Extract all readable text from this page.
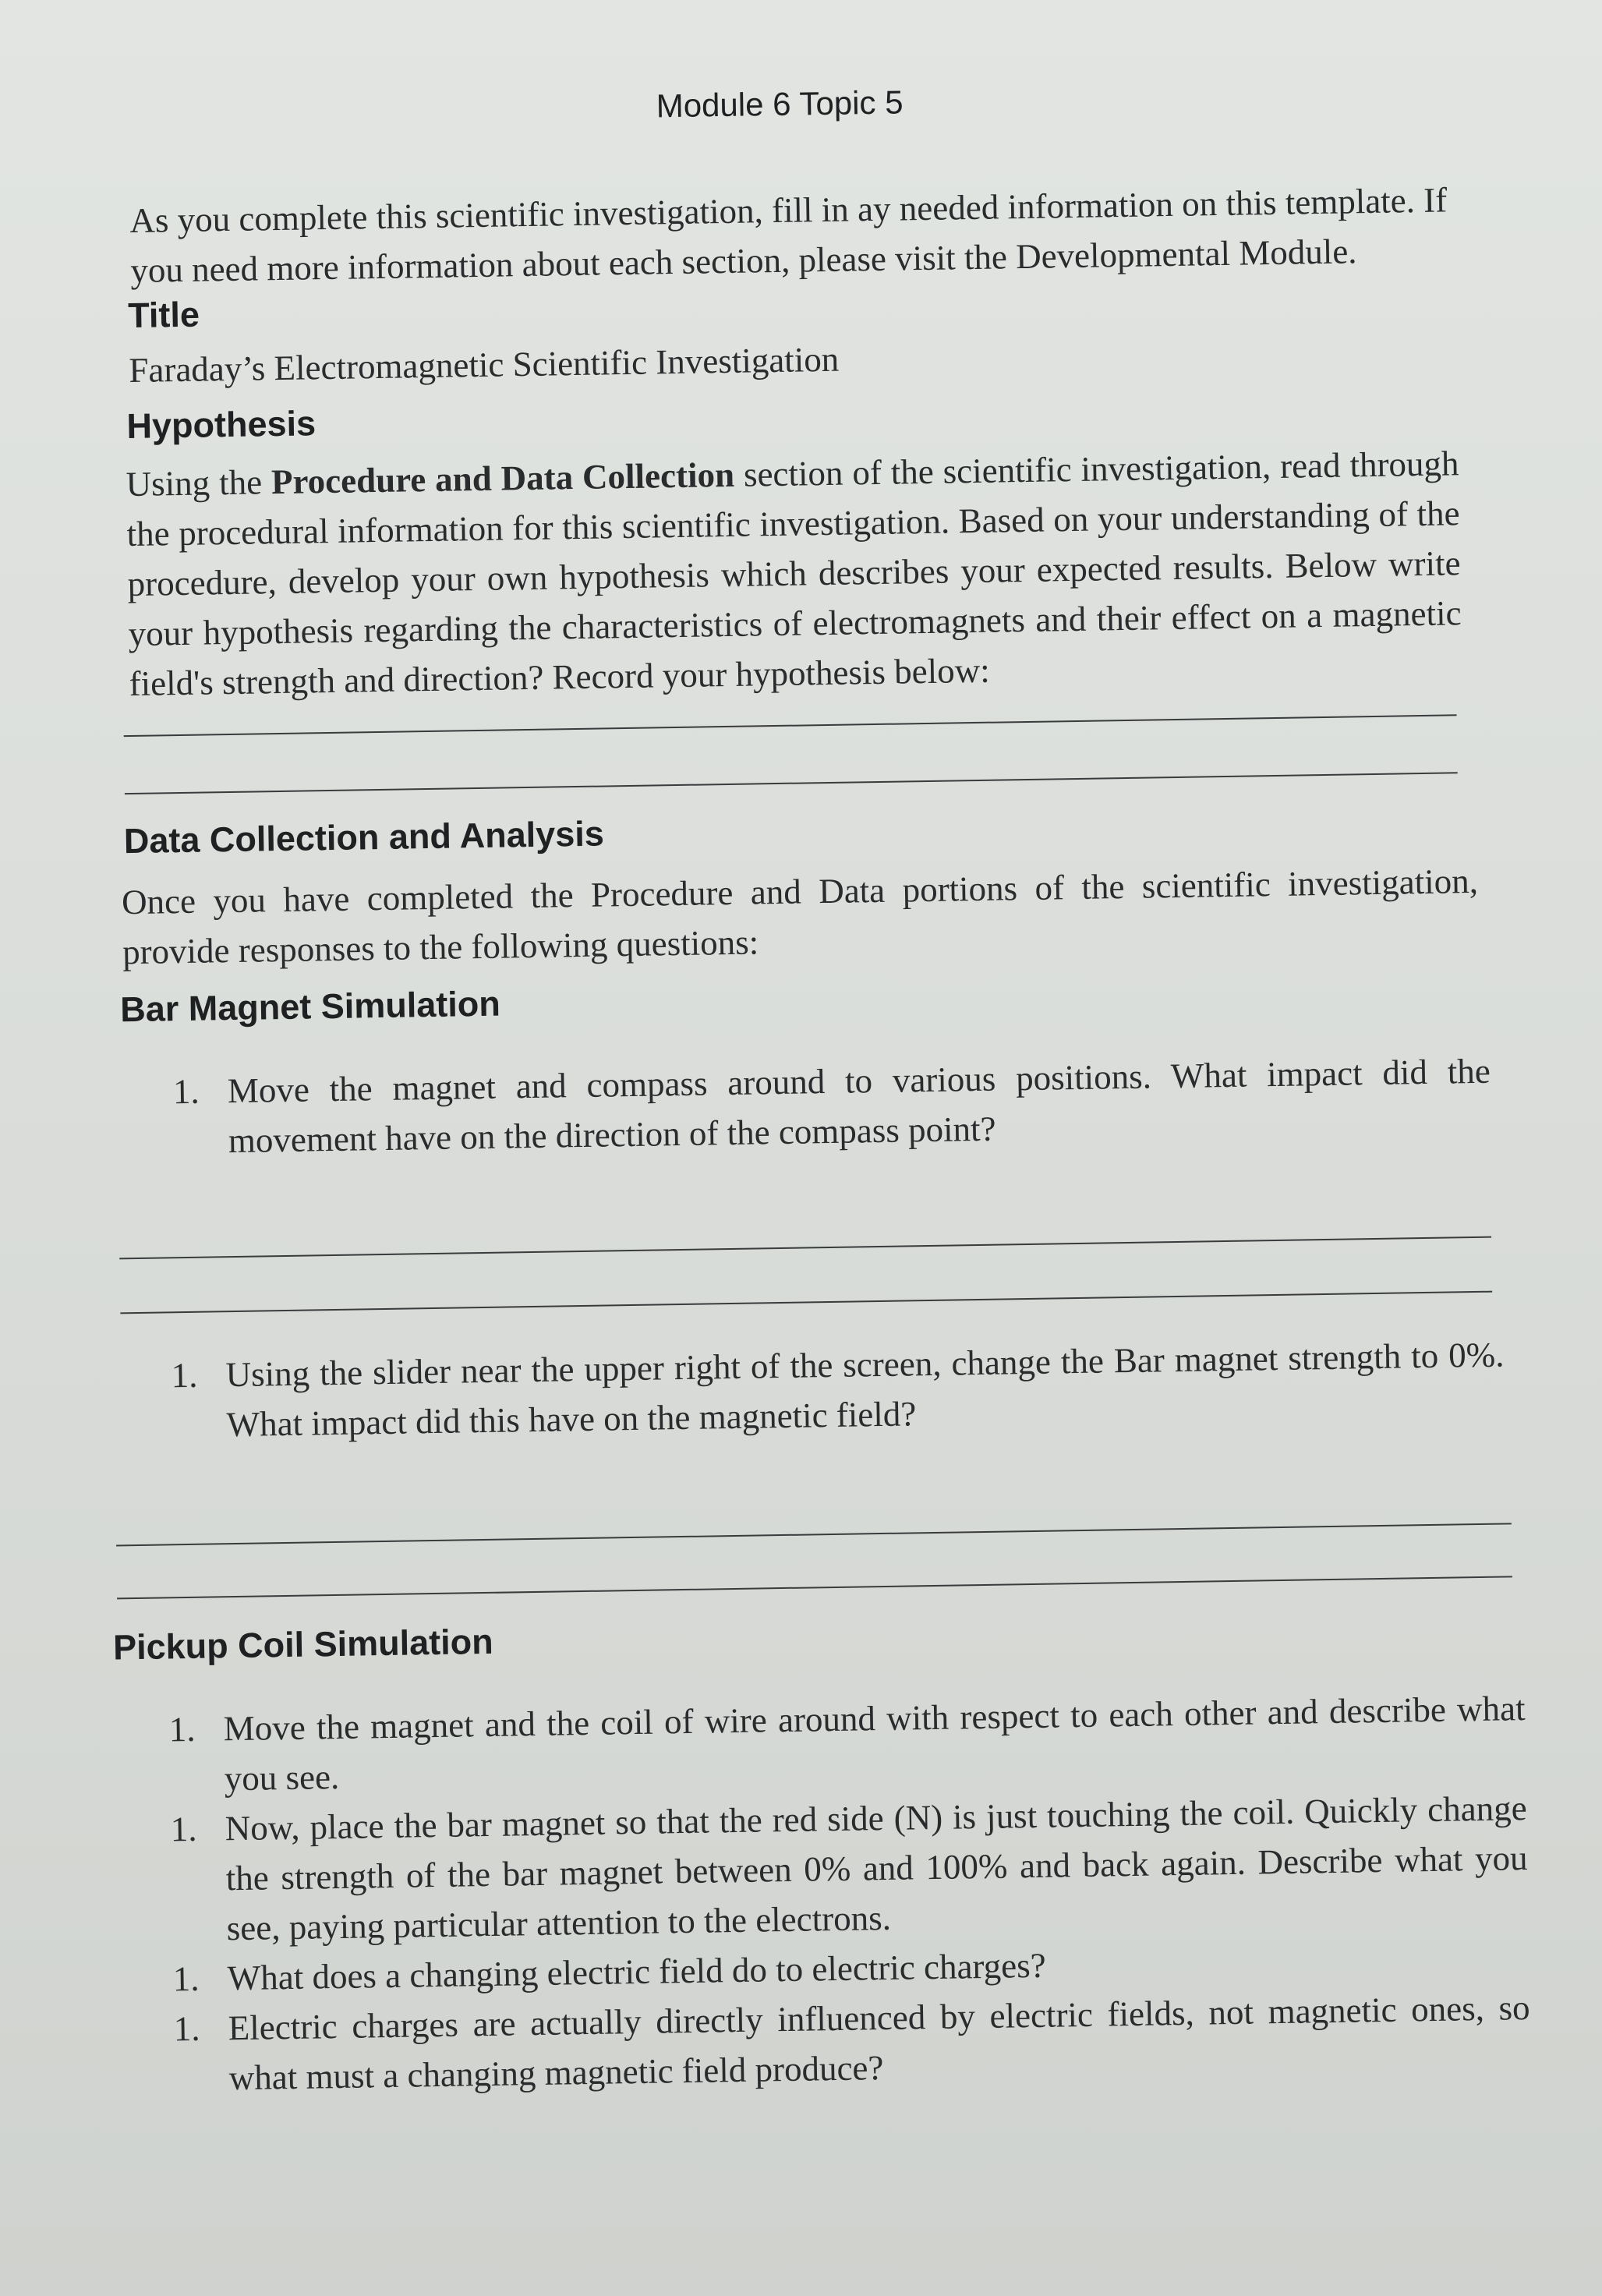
Module 6 Topic 5
As you complete this scientific investigation, fill in ay needed information on this template. If you need more information about each section, please visit the Developmental Module.
Title
Faraday’s Electromagnetic Scientific Investigation
Hypothesis
Using the Procedure and Data Collection section of the scientific investigation, read through the procedural information for this scientific investigation. Based on your understanding of the procedure, develop your own hypothesis which describes your expected results. Below write your hypothesis regarding the characteristics of electromagnets and their effect on a magnetic field's strength and direction? Record your hypothesis below:
Data Collection and Analysis
Once you have completed the Procedure and Data portions of the scientific investigation, provide responses to the following questions:
Bar Magnet Simulation
1. Move the magnet and compass around to various positions. What impact did the movement have on the direction of the compass point?
1. Using the slider near the upper right of the screen, change the Bar magnet strength to 0%. What impact did this have on the magnetic field?
Pickup Coil Simulation
1. Move the magnet and the coil of wire around with respect to each other and describe what you see.
1. Now, place the bar magnet so that the red side (N) is just touching the coil. Quickly change the strength of the bar magnet between 0% and 100% and back again. Describe what you see, paying particular attention to the electrons.
1. What does a changing electric field do to electric charges?
1. Electric charges are actually directly influenced by electric fields, not magnetic ones, so what must a changing magnetic field produce?
